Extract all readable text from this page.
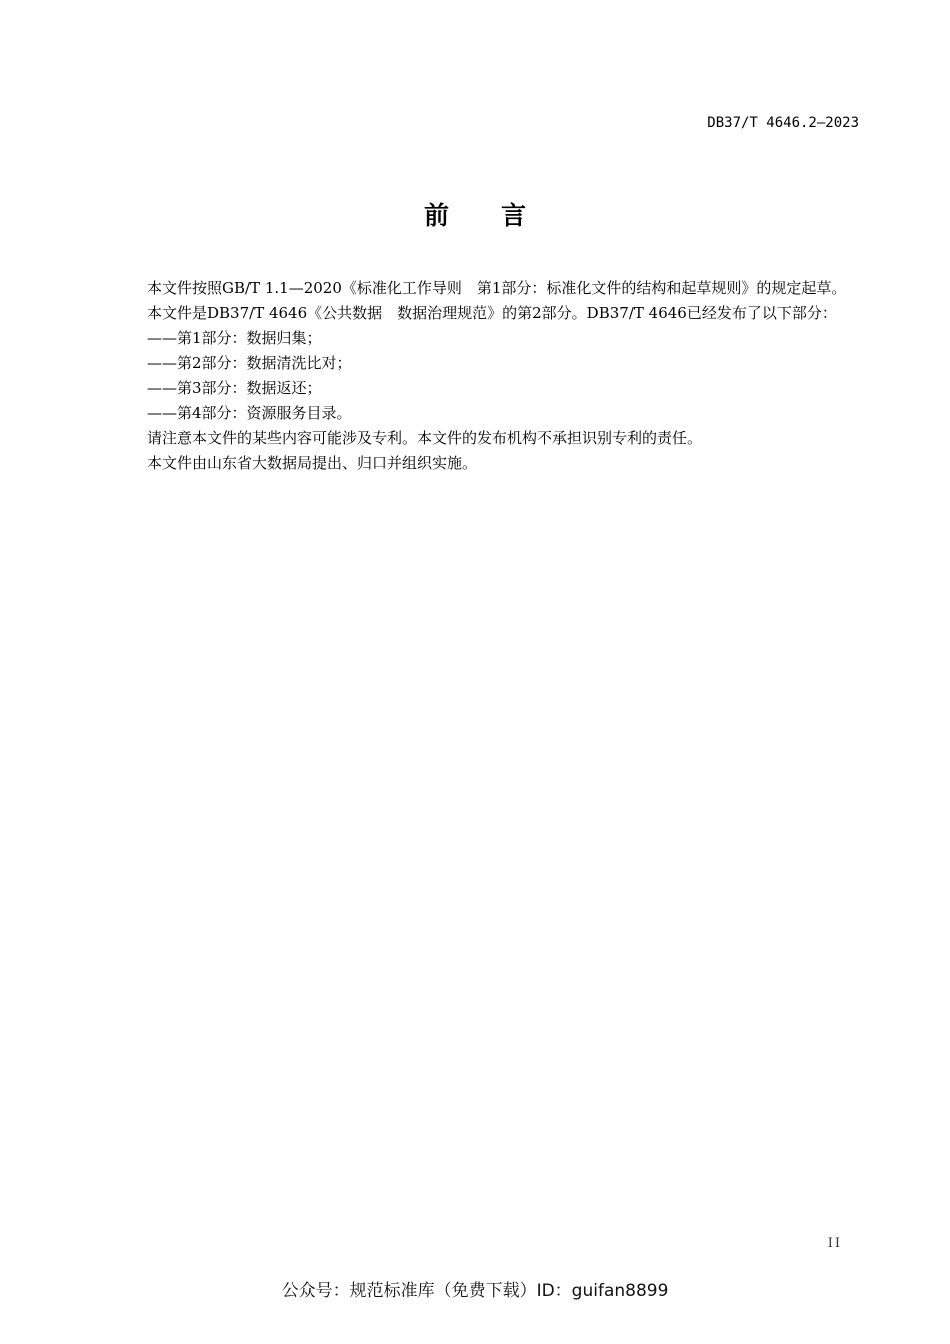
DB37/T 4646.2—2023
前言

本文件按照GB/T 1.1—2020《标准化工作导则　第1部分：标准化文件的结构和起草规则》的规定起草。

本文件是DB37/T 4646《公共数据　数据治理规范》的第2部分。DB37/T 4646已经发布了以下部分：

——第1部分：数据归集；

——第2部分：数据清洗比对；

——第3部分：数据返还；

——第4部分：资源服务目录。

请注意本文件的某些内容可能涉及专利。本文件的发布机构不承担识别专利的责任。

本文件由山东省大数据局提出、归口并组织实施。

II
公众号：规范标准库（免费下载）ID：guifan8899
